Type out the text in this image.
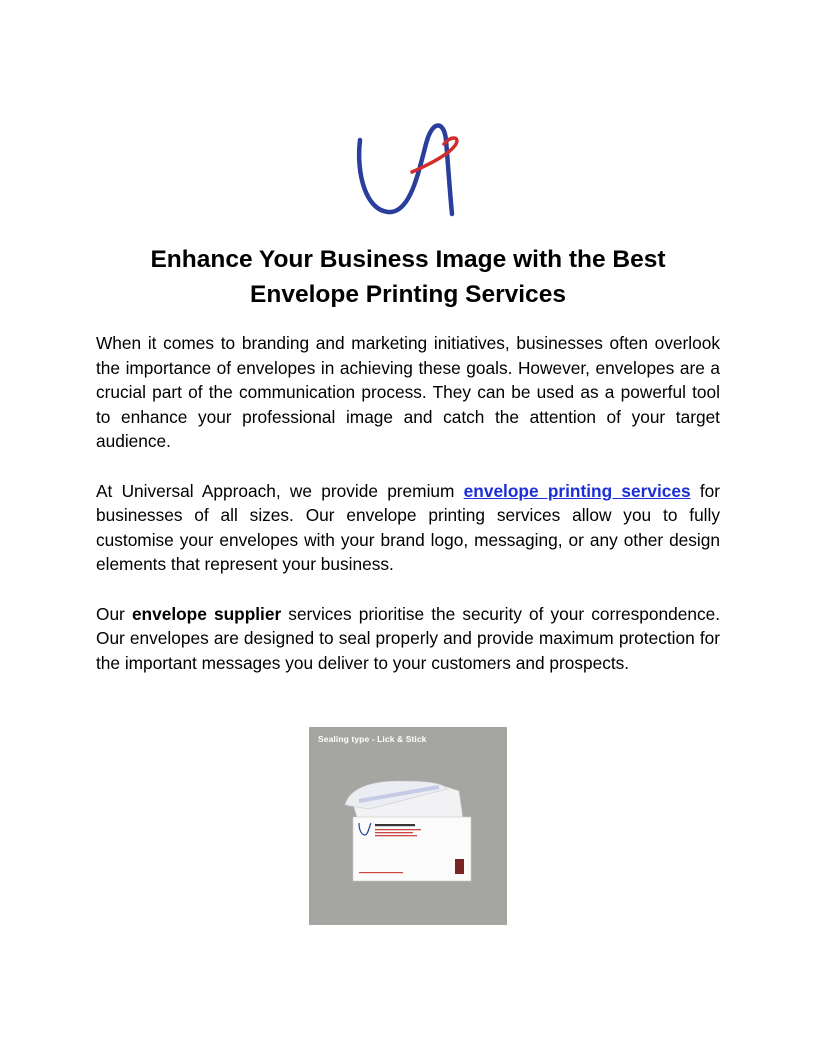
Enhance Your Business Image with the Best
Envelope Printing Services

When it comes to branding and marketing initiatives, businesses often overlook the importance of envelopes in achieving these goals. However, envelopes are a crucial part of the communication process. They can be used as a powerful tool to enhance your professional image and catch the attention of your target audience.

At Universal Approach, we provide premium envelope printing services for businesses of all sizes. Our envelope printing services allow you to fully customise your envelopes with your brand logo, messaging, or any other design elements that represent your business.

Our envelope supplier services prioritise the security of your correspondence. Our envelopes are designed to seal properly and provide maximum protection for the important messages you deliver to your customers and prospects.

Sealing type - Lick & Stick
